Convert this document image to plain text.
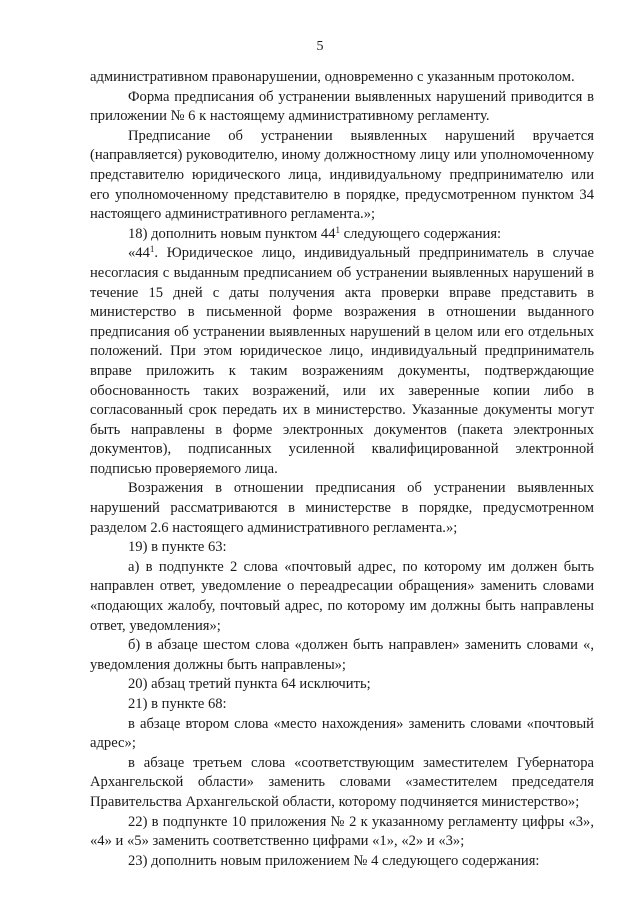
5

административном правонарушении, одновременно с указанным протоколом.

Форма предписания об устранении выявленных нарушений приводится в приложении № 6 к настоящему административному регламенту.

Предписание об устранении выявленных нарушений вручается (направляется) руководителю, иному должностному лицу или уполномоченному представителю юридического лица, индивидуальному предпринимателю или его уполномоченному представителю в порядке, предусмотренном пунктом 34 настоящего административного регламента.»;

18) дополнить новым пунктом $44^1$ следующего содержания:

«$44^1$. Юридическое лицо, индивидуальный предприниматель в случае несогласия с выданным предписанием об устранении выявленных нарушений в течение 15 дней с даты получения акта проверки вправе представить в министерство в письменной форме возражения в отношении выданного предписания об устранении выявленных нарушений в целом или его отдельных положений. При этом юридическое лицо, индивидуальный предприниматель вправе приложить к таким возражениям документы, подтверждающие обоснованность таких возражений, или их заверенные копии либо в согласованный срок передать их в министерство. Указанные документы могут быть направлены в форме электронных документов (пакета электронных документов), подписанных усиленной квалифицированной электронной подписью проверяемого лица.

Возражения в отношении предписания об устранении выявленных нарушений рассматриваются в министерстве в порядке, предусмотренном разделом 2.6 настоящего административного регламента.»;

19) в пункте 63:

а) в подпункте 2 слова «почтовый адрес, по которому им должен быть направлен ответ, уведомление о переадресации обращения» заменить словами «подающих жалобу, почтовый адрес, по которому им должны быть направлены ответ, уведомления»;

б) в абзаце шестом слова «должен быть направлен» заменить словами «, уведомления должны быть направлены»;

20) абзац третий пункта 64 исключить;

21) в пункте 68:

в абзаце втором слова «место нахождения» заменить словами «почтовый адрес»;

в абзаце третьем слова «соответствующим заместителем Губернатора Архангельской области» заменить словами «заместителем председателя Правительства Архангельской области, которому подчиняется министерство»;

22) в подпункте 10 приложения № 2 к указанному регламенту цифры «3», «4» и «5» заменить соответственно цифрами «1», «2» и «3»;

23) дополнить новым приложением № 4 следующего содержания:
